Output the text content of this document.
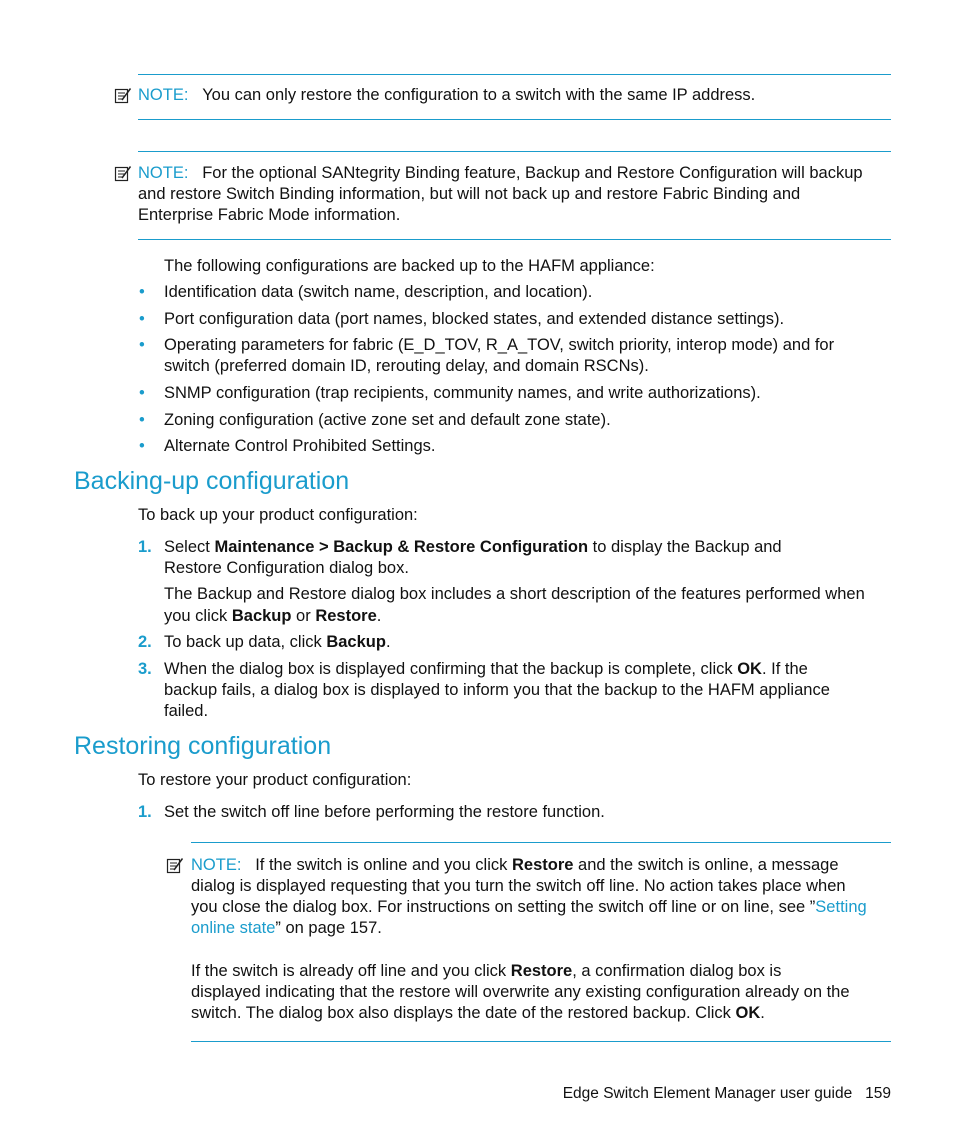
NOTE: You can only restore the configuration to a switch with the same IP address.
NOTE: For the optional SANtegrity Binding feature, Backup and Restore Configuration will backup
and restore Switch Binding information, but will not back up and restore Fabric Binding and
Enterprise Fabric Mode information.
The following configurations are backed up to the HAFM appliance:
• Identification data (switch name, description, and location).
• Port configuration data (port names, blocked states, and extended distance settings).
• Operating parameters for fabric (E_D_TOV, R_A_TOV, switch priority, interop mode) and for
switch (preferred domain ID, rerouting delay, and domain RSCNs).
• SNMP configuration (trap recipients, community names, and write authorizations).
• Zoning configuration (active zone set and default zone state).
• Alternate Control Prohibited Settings.
Backing-up configuration
To back up your product configuration:
1. Select Maintenance > Backup & Restore Configuration to display the Backup and
Restore Configuration dialog box.
The Backup and Restore dialog box includes a short description of the features performed when
you click Backup or Restore.
2. To back up data, click Backup.
3. When the dialog box is displayed confirming that the backup is complete, click OK. If the
backup fails, a dialog box is displayed to inform you that the backup to the HAFM appliance
failed.
Restoring configuration
To restore your product configuration:
1. Set the switch off line before performing the restore function.
NOTE: If the switch is online and you click Restore and the switch is online, a message
dialog is displayed requesting that you turn the switch off line. No action takes place when
you close the dialog box. For instructions on setting the switch off line or on line, see ”Setting
online state” on page 157.
If the switch is already off line and you click Restore, a confirmation dialog box is
displayed indicating that the restore will overwrite any existing configuration already on the
switch. The dialog box also displays the date of the restored backup. Click OK.
Edge Switch Element Manager user guide 159
